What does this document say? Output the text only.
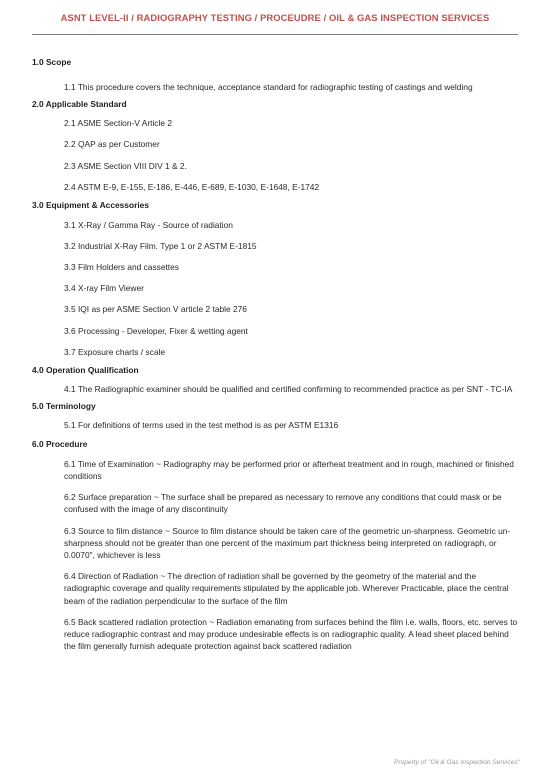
ASNT LEVEL-II / RADIOGRAPHY TESTING / PROCEUDRE / OIL & GAS INSPECTION SERVICES
1.0 Scope
1.1 This procedure covers the technique, acceptance standard for radiographic testing of castings and welding
2.0 Applicable Standard
2.1 ASME Section-V Article 2
2.2 QAP as per Customer
2.3 ASME Section VIII DIV 1 & 2.
2.4 ASTM E-9, E-155, E-186, E-446, E-689, E-1030, E-1648, E-1742
3.0 Equipment & Accessories
3.1 X-Ray / Gamma Ray - Source of radiation
3.2 Industrial X-Ray Film. Type 1 or 2 ASTM E-1815
3.3 Film Holders and cassettes
3.4 X-ray Film Viewer
3.5 IQI as per ASME Section V article 2 table 276
3.6 Processing - Developer, Fixer & wetting agent
3.7 Exposure charts / scale
4.0 Operation Qualification
4.1 The Radiographic examiner should be qualified and certified confirming to recommended practice as per SNT - TC-IA
5.0 Terminology
5.1 For definitions of terms used in the test method is as per ASTM E1316
6.0 Procedure
6.1 Time of Examination ~ Radiography may be performed prior or afterheat treatment and in rough, machined or finished conditions
6.2 Surface preparation ~ The surface shall be prepared as necessary to remove any conditions that could mask or be confused with the image of any discontinuity
6.3 Source to film distance ~ Source to film distance should be taken care of the geometric un-sharpness. Geometric un-sharpness should not be greater than one percent of the maximum part thickness being interpreted on radiograph, or 0.0070", whichever is less
6.4 Direction of Radiation ~ The direction of radiation shall be governed by the geometry of the material and the radiographic coverage and quality requirements stipulated by the applicable job. Wherever Practicable, place the central beam of the radiation perpendicular to the surface of the film
6.5 Back scattered radiation protection ~ Radiation emanating from surfaces behind the film i.e. walls, floors, etc. serves to reduce radiographic contrast and may produce undesirable effects is on radiographic quality. A lead sheet placed behind the film generally furnish adequate protection against back scattered radiation
Property of "Oil & Gas Inspection Services"
